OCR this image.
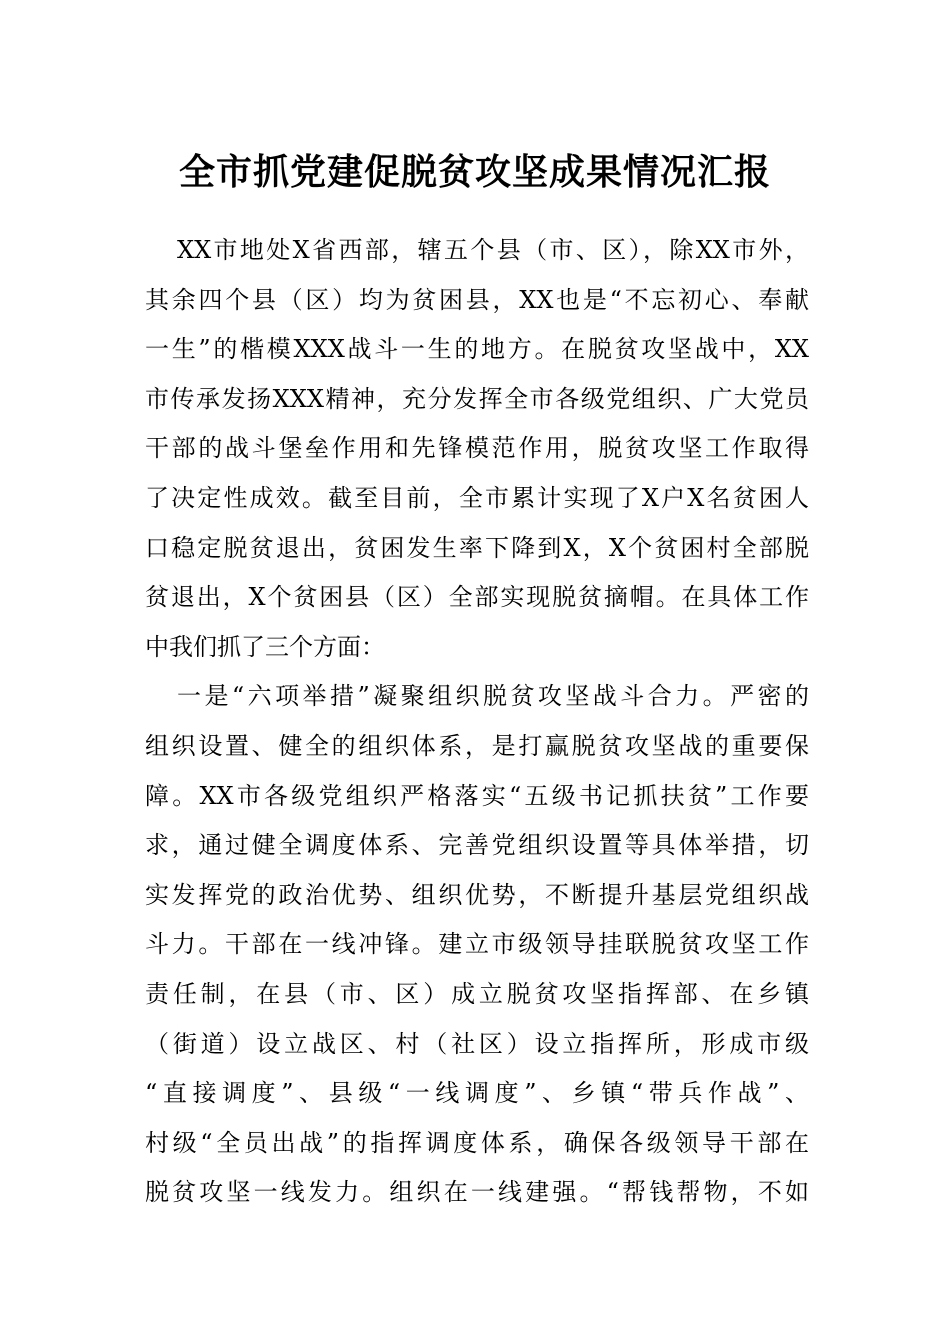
全市抓党建促脱贫攻坚成果情况汇报
XX市地处X省西部，辖五个县（市、区），除XX市外，
其余四个县（区）均为贫困县，XX也是“不忘初心、奉献
一生”的楷模XXX战斗一生的地方。在脱贫攻坚战中，XX
市传承发扬XXX精神，充分发挥全市各级党组织、广大党员
干部的战斗堡垒作用和先锋模范作用，脱贫攻坚工作取得
了决定性成效。截至目前，全市累计实现了X户X名贫困人
口稳定脱贫退出，贫困发生率下降到X，X个贫困村全部脱
贫退出，X个贫困县（区）全部实现脱贫摘帽。在具体工作
中我们抓了三个方面：
一是“六项举措”凝聚组织脱贫攻坚战斗合力。严密的
组织设置、健全的组织体系，是打赢脱贫攻坚战的重要保
障。XX市各级党组织严格落实“五级书记抓扶贫”工作要
求，通过健全调度体系、完善党组织设置等具体举措，切
实发挥党的政治优势、组织优势，不断提升基层党组织战
斗力。干部在一线冲锋。建立市级领导挂联脱贫攻坚工作
责任制，在县（市、区）成立脱贫攻坚指挥部、在乡镇
（街道）设立战区、村（社区）设立指挥所，形成市级
“直接调度”、县级“一线调度”、乡镇“带兵作战”、
村级“全员出战”的指挥调度体系，确保各级领导干部在
脱贫攻坚一线发力。组织在一线建强。“帮钱帮物，不如
